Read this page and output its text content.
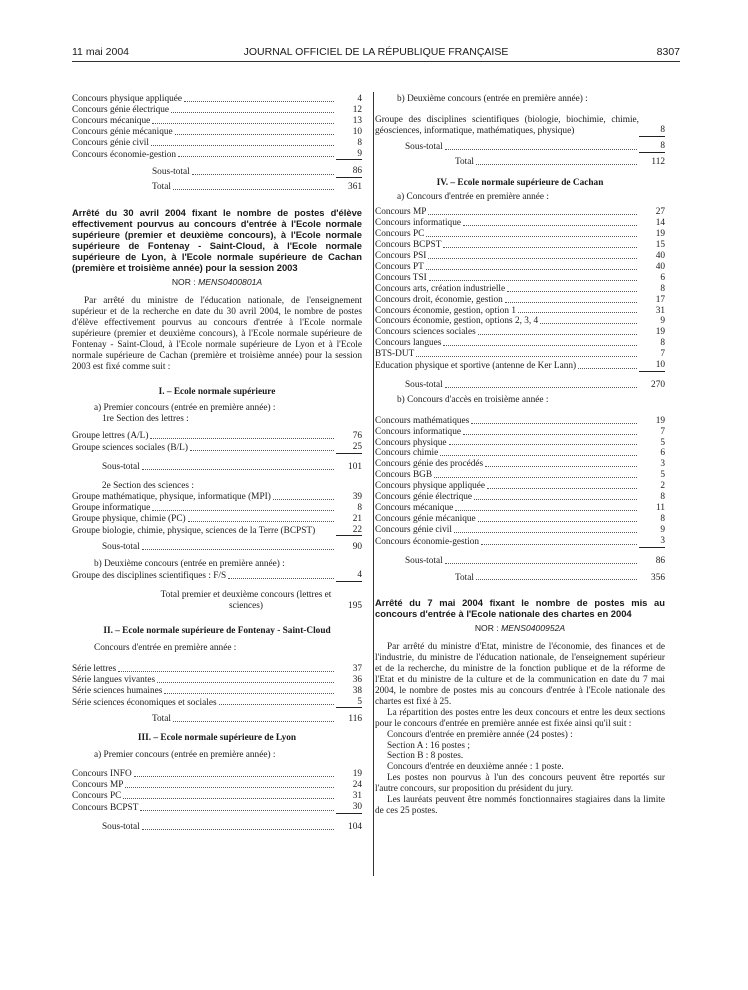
11 mai 2004	JOURNAL OFFICIEL DE LA RÉPUBLIQUE FRANÇAISE	8307
Concours physique appliquée	4
Concours génie électrique	12
Concours mécanique	13
Concours génie mécanique	10
Concours génie civil	8
Concours économie-gestion	9
Sous-total	86
Total	361
Arrêté du 30 avril 2004 fixant le nombre de postes d'élève effectivement pourvus au concours d'entrée à l'Ecole normale supérieure (premier et deuxième concours), à l'Ecole normale supérieure de Fontenay - Saint-Cloud, à l'Ecole normale supérieure de Lyon, à l'Ecole normale supérieure de Cachan (première et troisième année) pour la session 2003
NOR : MENS0400801A
Par arrêté du ministre de l'éducation nationale, de l'enseignement supérieur et de la recherche en date du 30 avril 2004, le nombre de postes d'élève effectivement pourvus au concours d'entrée à l'Ecole normale supérieure (premier et deuxième concours), à l'Ecole normale supérieure de Fontenay - Saint-Cloud, à l'Ecole normale supérieure de Lyon et à l'Ecole normale supérieure de Cachan (première et troisième année) pour la session 2003 est fixé comme suit :
I. – Ecole normale supérieure
a) Premier concours (entrée en première année) :
1re Section des lettres :
Groupe lettres (A/L)	76
Groupe sciences sociales (B/L)	25
Sous-total	101
2e Section des sciences :
Groupe mathématique, physique, informatique (MPI)	39
Groupe informatique	8
Groupe physique, chimie (PC)	21
Groupe biologie, chimie, physique, sciences de la Terre (BCPST)	22
Sous-total	90
b) Deuxième concours (entrée en première année) :
Groupe des disciplines scientifiques : F/S	4
Total premier et deuxième concours (lettres et sciences)	195
II. – Ecole normale supérieure de Fontenay - Saint-Cloud
Concours d'entrée en première année :
Série lettres	37
Série langues vivantes	36
Série sciences humaines	38
Série sciences économiques et sociales	5
Total	116
III. – Ecole normale supérieure de Lyon
a) Premier concours (entrée en première année) :
Concours INFO	19
Concours MP	24
Concours PC	31
Concours BCPST	30
Sous-total	104
b) Deuxième concours (entrée en première année) :
Groupe des disciplines scientifiques (biologie, biochimie, chimie, géosciences, informatique, mathématiques, physique)	8
Sous-total	8
Total	112
IV. – Ecole normale supérieure de Cachan
a) Concours d'entrée en première année :
Concours MP	27
Concours informatique	14
Concours PC	19
Concours BCPST	15
Concours PSI	40
Concours PT	40
Concours TSI	6
Concours arts, création industrielle	8
Concours droit, économie, gestion	17
Concours économie, gestion, option 1	31
Concours économie, gestion, options 2, 3, 4	9
Concours sciences sociales	19
Concours langues	8
BTS-DUT	7
Education physique et sportive (antenne de Ker Lann)	10
Sous-total	270
b) Concours d'accès en troisième année :
Concours mathématiques	19
Concours informatique	7
Concours physique	5
Concours chimie	6
Concours génie des procédés	3
Concours BGB	5
Concours physique appliquée	2
Concours génie électrique	8
Concours mécanique	11
Concours génie mécanique	8
Concours génie civil	9
Concours économie-gestion	3
Sous-total	86
Total	356
Arrêté du 7 mai 2004 fixant le nombre de postes mis au concours d'entrée à l'Ecole nationale des chartes en 2004
NOR : MENS0400952A
Par arrêté du ministre d'Etat, ministre de l'économie, des finances et de l'industrie, du ministre de l'éducation nationale, de l'enseignement supérieur et de la recherche, du ministre de la fonction publique et de la réforme de l'Etat et du ministre de la culture et de la communication en date du 7 mai 2004, le nombre de postes mis au concours d'entrée à l'Ecole nationale des chartes est fixé à 25.
La répartition des postes entre les deux concours et entre les deux sections pour le concours d'entrée en première année est fixée ainsi qu'il suit :
Concours d'entrée en première année (24 postes) :
Section A : 16 postes ;
Section B : 8 postes.
Concours d'entrée en deuxième année : 1 poste.
Les postes non pourvus à l'un des concours peuvent être reportés sur l'autre concours, sur proposition du président du jury.
Les lauréats peuvent être nommés fonctionnaires stagiaires dans la limite de ces 25 postes.
